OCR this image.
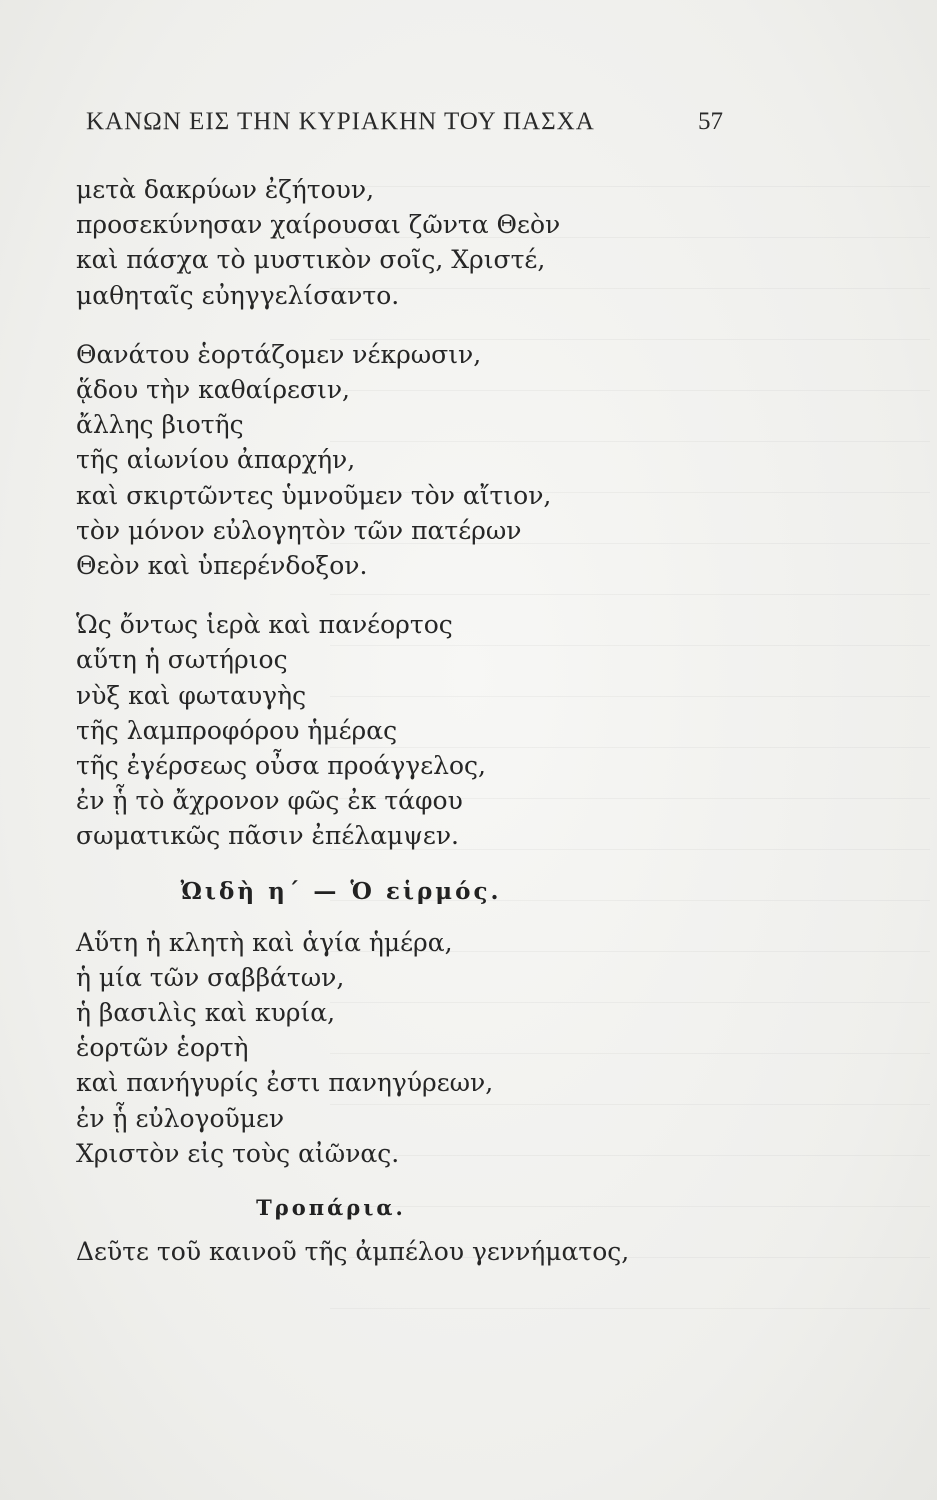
ΚΑΝΩΝ ΕΙΣ ΤΗΝ ΚΥΡΙΑΚΗΝ ΤΟΥ ΠΑΣΧΑ	57
μετὰ δακρύων ἐζήτουν,
προσεκύνησαν χαίρουσαι ζῶντα Θεὸν
καὶ πάσχα τὸ μυστικὸν σοῖς, Χριστέ,
μαθηταῖς εὐηγγελίσαντο.
Θανάτου ἑορτάζομεν νέκρωσιν,
ᾅδου τὴν καθαίρεσιν,
ἄλλης βιοτῆς
τῆς αἰωνίου ἀπαρχήν,
καὶ σκιρτῶντες ὑμνοῦμεν τὸν αἴτιον,
τὸν μόνον εὐλογητὸν τῶν πατέρων
Θεὸν καὶ ὑπερένδοξον.
Ὡς ὄντως ἱερὰ καὶ πανέορτος
αὕτη ἡ σωτήριος
νὺξ καὶ φωταυγὴς
τῆς λαμπροφόρου ἡμέρας
τῆς ἐγέρσεως οὖσα προάγγελος,
ἐν ᾗ τὸ ἄχρονον φῶς ἐκ τάφου
σωματικῶς πᾶσιν ἐπέλαμψεν.
Ὠιδὴ η΄ — Ὁ εἱρμός.
Αὕτη ἡ κλητὴ καὶ ἁγία ἡμέρα,
ἡ μία τῶν σαββάτων,
ἡ βασιλὶς καὶ κυρία,
ἑορτῶν ἑορτὴ
καὶ πανήγυρίς ἐστι πανηγύρεων,
ἐν ᾗ εὐλογοῦμεν
Χριστὸν εἰς τοὺς αἰῶνας.
Τροπάρια.
Δεῦτε τοῦ καινοῦ τῆς ἀμπέλου γεννήματος,
